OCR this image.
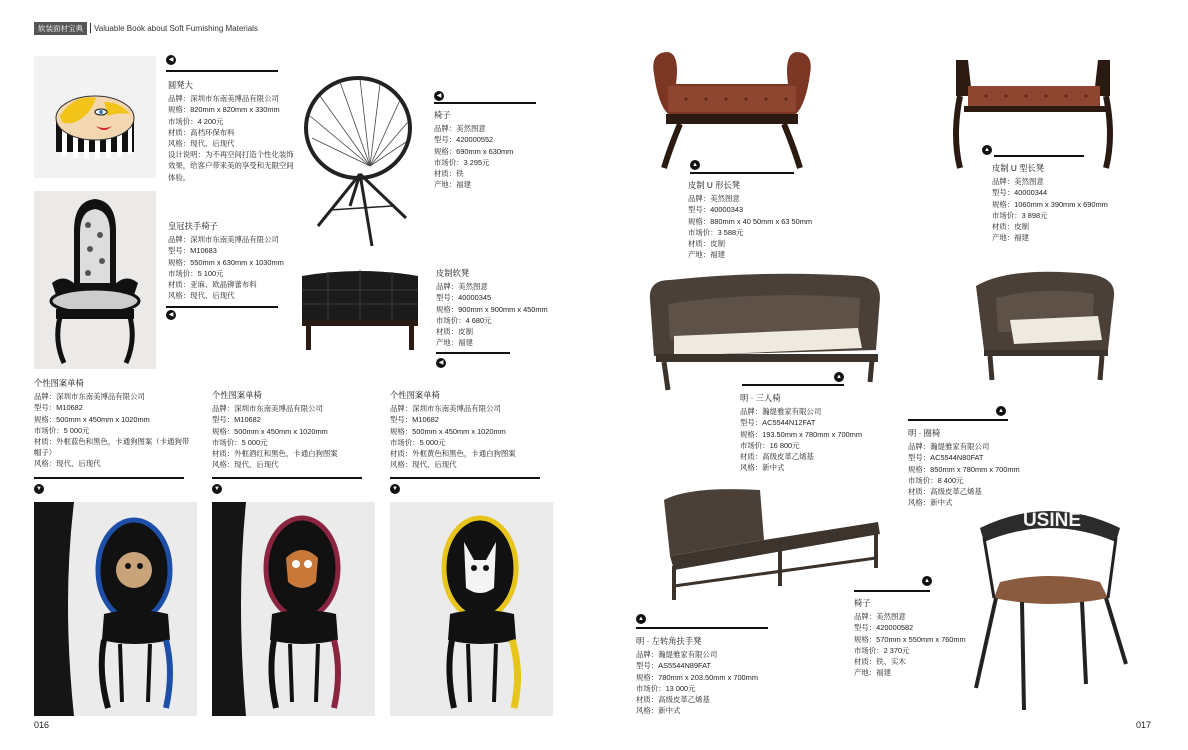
软装面材宝典	Valuable Book about Soft Furnishing Materials
圆凳大
品牌：深圳市东南美博品有限公司
规格：820mm x 820mm x 330mm
市场价：4 200元
材质：高档环保布料
风格：现代、后现代
设计说明：为不再空间打造个性化装饰效果，给客户带来美的享受和无限空间体验。
◀
皇冠扶手椅子
品牌：深圳市东南美博品有限公司
型号：M10683
规格：550mm x 630mm x 1030mm
市场价：5 100元
材质：亚麻、欧晶铆蕾布料
风格：现代、后现代
◀
◀
椅子
品牌：美然图意
型号：420000552
规格：690mm x 630mm
市场价：3 295元
材质：铁
产地：福建
皮制软凳
品牌：美然图意
型号：40000345
规格：900mm x 900mm x 450mm
市场价：4 680元
材质：皮制
产地：福建
◀
个性图案单椅
品牌：深圳市东南美博品有限公司
型号：M10682
规格：500mm x 450mm x 1020mm
市场价：5 000元
材质：外框蓝色和黑色，卡通狗图案（卡通狗带帽子）
风格：现代、后现代
▼
个性图案单椅
品牌：深圳市东南美博品有限公司
型号：M10682
规格：500mm x 450mm x 1020mm
市场价：5 000元
材质：外框酒红和黑色，卡通白狗图案
风格：现代、后现代
▼
个性图案单椅
品牌：深圳市东南美博品有限公司
型号：M10682
规格：500mm x 450mm x 1020mm
市场价：5 000元
材质：外框黄色和黑色，卡通白狗图案
风格：现代、后现代
▼
016
▲
皮制 U 形长凳
品牌：美然图意
型号：40000343
规格：880mm x 40 50mm x 63 50mm
市场价：3 588元
材质：皮制
产地：福建
▲
皮制 U 型长凳
品牌：美然图意
型号：40000344
规格：1060mm x 390mm x 690mm
市场价：3 898元
材质：皮制
产地：福建
▲
明 · 三人椅
品牌：瀚缇雅家有限公司
型号：AC5544N12FAT
规格：193.50mm x 780mm x 700mm
市场价：16 800元
材质：高级皮革乙烯基
风格：新中式
▲
明 · 圈椅
品牌：瀚缇雅家有限公司
型号：AC5544N80FAT
规格：850mm x 780mm x 700mm
市场价：8 400元
材质：高级皮革乙烯基
风格：新中式
▲
▲
明 · 左转角扶手凳
品牌：瀚缇雅家有限公司
型号：AS5544N89FAT
规格：780mm x 203.50mm x 700mm
市场价：13 000元
材质：高级皮革乙烯基
风格：新中式
USINE
椅子
品牌：美然图意
型号：420000582
规格：570mm x 550mm x 760mm
市场价：2 370元
材质：铁、实木
产地：福建
017
